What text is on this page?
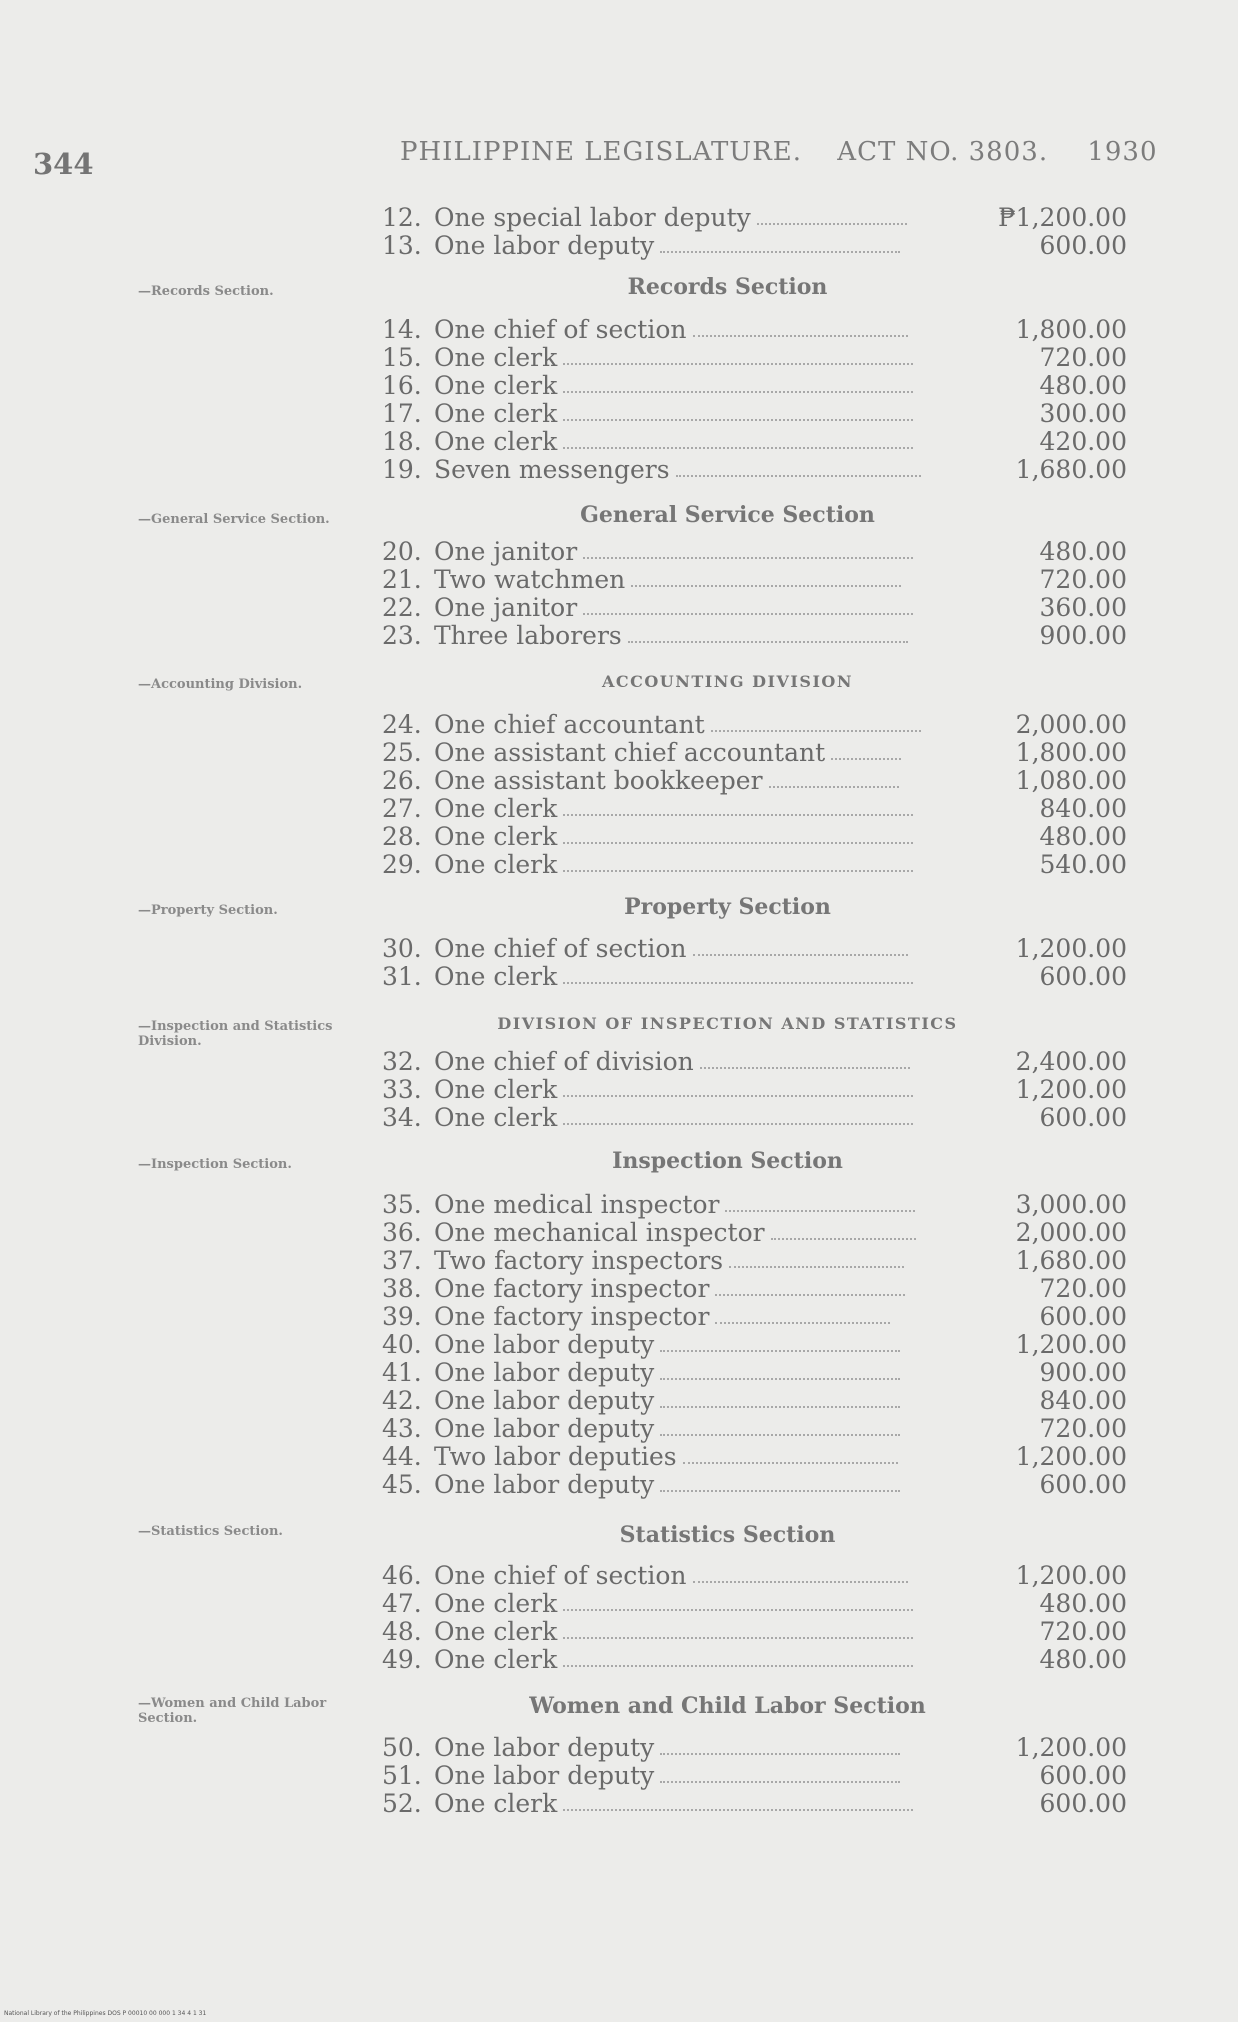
344	PHILIPPINE LEGISLATURE. ACT NO. 3803. 1930
12. One special labor deputy	₱1,200.00
13. One labor deputy	600.00
—Records Section.	Records Section
14. One chief of section	1,800.00
15. One clerk	720.00
16. One clerk	480.00
17. One clerk	300.00
18. One clerk	420.00
19. Seven messengers	1,680.00
—General Service Section.	General Service Section
20. One janitor	480.00
21. Two watchmen	720.00
22. One janitor	360.00
23. Three laborers	900.00
—Accounting Division.	ACCOUNTING DIVISION
24. One chief accountant	2,000.00
25. One assistant chief accountant	1,800.00
26. One assistant bookkeeper	1,080.00
27. One clerk	840.00
28. One clerk	480.00
29. One clerk	540.00
—Property Section.	Property Section
30. One chief of section	1,200.00
31. One clerk	600.00
—Inspection and Statistics Division.
DIVISION OF INSPECTION AND STATISTICS
32. One chief of division	2,400.00
33. One clerk	1,200.00
34. One clerk	600.00
—Inspection Section.	Inspection Section
35. One medical inspector	3,000.00
36. One mechanical inspector	2,000.00
37. Two factory inspectors	1,680.00
38. One factory inspector	720.00
39. One factory inspector	600.00
40. One labor deputy	1,200.00
41. One labor deputy	900.00
42. One labor deputy	840.00
43. One labor deputy	720.00
44. Two labor deputies	1,200.00
45. One labor deputy	600.00
—Statistics Section.	Statistics Section
46. One chief of section	1,200.00
47. One clerk	480.00
48. One clerk	720.00
49. One clerk	480.00
—Women and Child Labor Section.	Women and Child Labor Section
50. One labor deputy	1,200.00
51. One labor deputy	600.00
52. One clerk	600.00
National Library of the Philippines DOS P 00010 00 000 1 34 4 1 31
